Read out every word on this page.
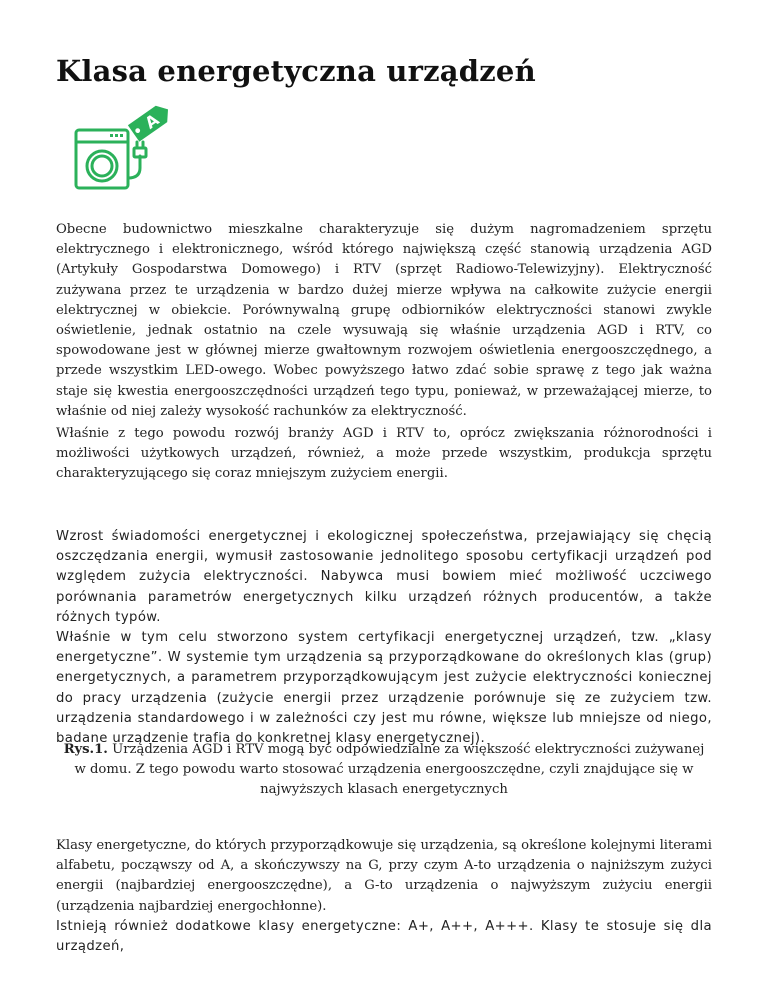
Klasa energetyczna urządzeń
A

Obecne budownictwo mieszkalne charakteryzuje się dużym nagromadzeniem sprzętu elektrycznego i elektronicznego, wśród którego największą część stanowią urządzenia AGD (Artykuły Gospodarstwa Domowego) i RTV (sprzęt Radiowo-Telewizyjny). Elektryczność zużywana przez te urządzenia w bardzo dużej mierze wpływa na całkowite zużycie energii elektrycznej w obiekcie. Porównywalną grupę odbiorników elektryczności stanowi zwykle oświetlenie, jednak ostatnio na czele wysuwają się właśnie urządzenia AGD i RTV, co spowodowane jest w głównej mierze gwałtownym rozwojem oświetlenia energooszczędnego, a przede wszystkim LED-owego. Wobec powyższego łatwo zdać sobie sprawę z tego jak ważna staje się kwestia energooszczędności urządzeń tego typu, ponieważ, w przeważającej mierze, to właśnie od niej zależy wysokość rachunków za elektryczność.

Właśnie z tego powodu rozwój branży AGD i RTV to, oprócz zwiększania różnorodności i możliwości użytkowych urządzeń, również, a może przede wszystkim, produkcja sprzętu charakteryzującego się coraz mniejszym zużyciem energii.

Wzrost świadomości energetycznej i ekologicznej społeczeństwa, przejawiający się chęcią oszczędzania energii, wymusił zastosowanie jednolitego sposobu certyfikacji urządzeń pod względem zużycia elektryczności. Nabywca musi bowiem mieć możliwość uczciwego porównania parametrów energetycznych kilku urządzeń różnych producentów, a także różnych typów.

Właśnie w tym celu stworzono system certyfikacji energetycznej urządzeń, tzw. „klasy energetyczne”. W systemie tym urządzenia są przyporządkowane do określonych klas (grup) energetycznych, a parametrem przyporządkowującym jest zużycie elektryczności koniecznej do pracy urządzenia (zużycie energii przez urządzenie porównuje się ze zużyciem tzw. urządzenia standardowego i w zależności czy jest mu równe, większe lub mniejsze od niego, badane urządzenie trafia do konkretnej klasy energetycznej).

Rys.1. Urządzenia AGD i RTV mogą być odpowiedzialne za większość elektryczności zużywanej w domu. Z tego powodu warto stosować urządzenia energooszczędne, czyli znajdujące się w najwyższych klasach energetycznych

Klasy energetyczne, do których przyporządkowuje się urządzenia, są określone kolejnymi literami alfabetu, począwszy od A, a skończywszy na G, przy czym A-to urządzenia o najniższym zużyci energii (najbardziej energooszczędne), a G-to urządzenia o najwyższym zużyciu energii (urządzenia najbardziej energochłonne).

Istnieją również dodatkowe klasy energetyczne: A+, A++, A+++. Klasy te stosuje się dla urządzeń,
